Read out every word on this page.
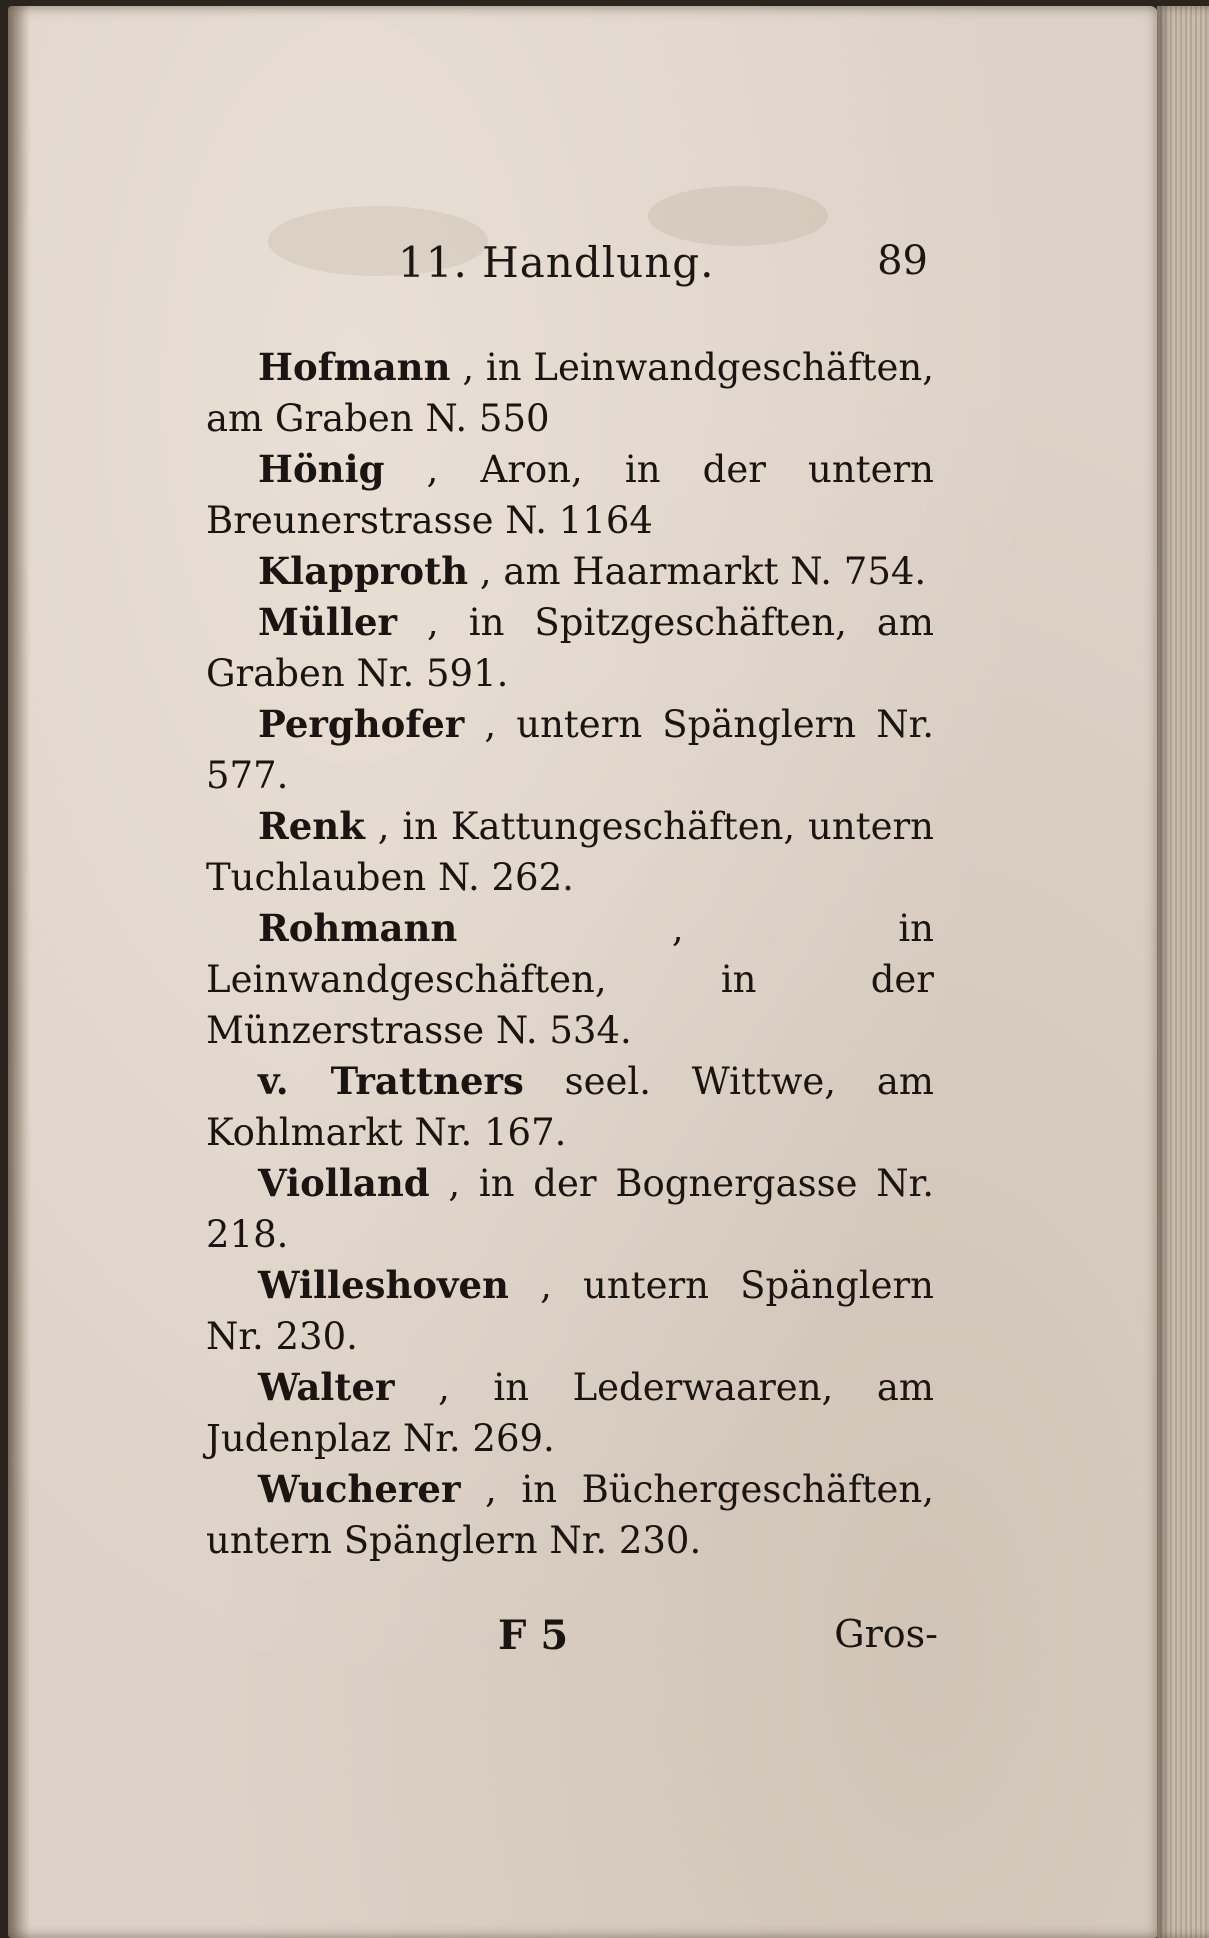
11. Handlung.	89

Hofmann , in Leinwandgeschäften, am Graben N. 550

Hönig , Aron, in der untern Breunerstrasse N. 1164

Klapproth , am Haarmarkt N. 754.

Müller , in Spitzgeschäften, am Graben Nr. 591.

Perghofer , untern Spänglern Nr. 577.

Renk , in Kattungeschäften, untern Tuchlauben N. 262.

Rohmann	, in Leinwandgeschäften, in der Münzerstrasse N. 534.

v. Trattners seel. Wittwe, am Kohlmarkt Nr. 167.

Violland , in der Bognergasse Nr. 218.

Willeshoven , untern Spänglern Nr. 230.

Walter , in Lederwaaren, am Judenplaz Nr. 269.

Wucherer , in Büchergeschäften, untern Spänglern Nr. 230.

F 5	Gros-
